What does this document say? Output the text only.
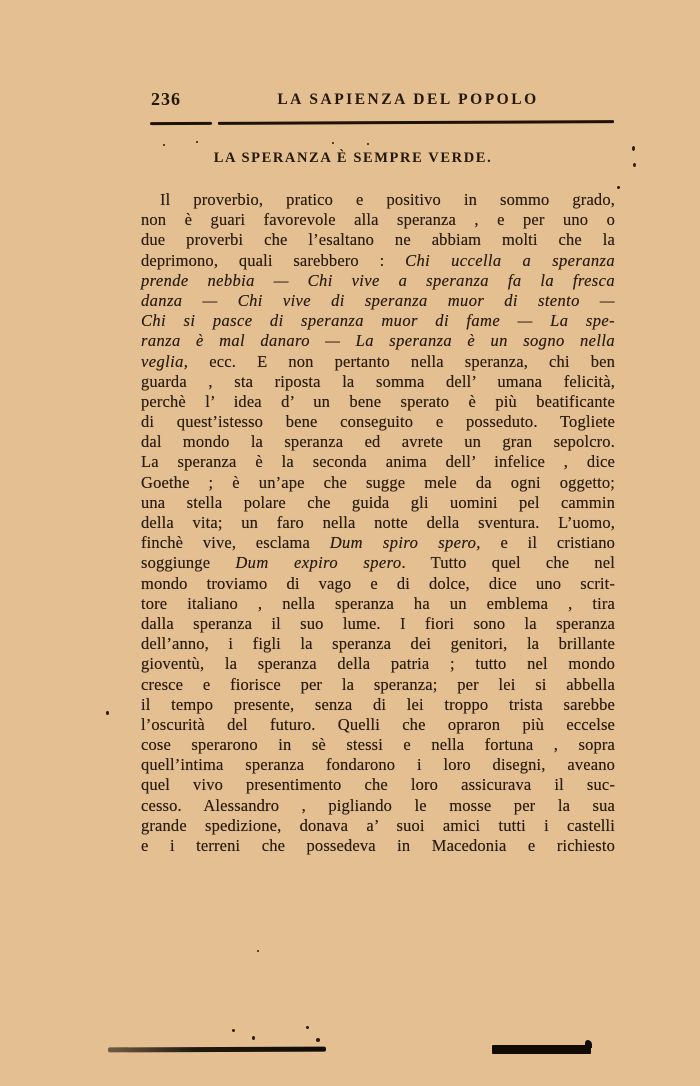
236	LA SAPIENZA DEL POPOLO
LA SPERANZA È SEMPRE VERDE.
Il proverbio, pratico e positivo in sommo grado,
non è guari favorevole alla speranza , e per uno o
due proverbi che l’esaltano ne abbiam molti che la
deprimono, quali sarebbero : Chi uccella a speranza
prende nebbia — Chi vive a speranza fa la fresca
danza — Chi vive di speranza muor di stento —
Chi si pasce di speranza muor di fame — La spe-
ranza è mal danaro — La speranza è un sogno nella
veglia, ecc. E non pertanto nella speranza, chi ben
guarda , sta riposta la somma dell’ umana felicità,
perchè l’ idea d’ un bene sperato è più beatificante
di quest’istesso bene conseguito e posseduto. Togliete
dal mondo la speranza ed avrete un gran sepolcro.
La speranza è la seconda anima dell’ infelice , dice
Goethe ; è un’ape che sugge mele da ogni oggetto;
una stella polare che guida gli uomini pel cammin
della vita; un faro nella notte della sventura. L’uomo,
finchè vive, esclama Dum spiro spero, e il cristiano
soggiunge Dum expiro spero. Tutto quel che nel
mondo troviamo di vago e di dolce, dice uno scrit-
tore italiano , nella speranza ha un emblema , tira
dalla speranza il suo lume. I fiori sono la speranza
dell’anno, i figli la speranza dei genitori, la brillante
gioventù, la speranza della patria ; tutto nel mondo
cresce e fiorisce per la speranza; per lei si abbella
il tempo presente, senza di lei troppo trista sarebbe
l’oscurità del futuro. Quelli che opraron più eccelse
cose sperarono in sè stessi e nella fortuna , sopra
quell’intima speranza fondarono i loro disegni, aveano
quel vivo presentimento che loro assicurava il suc-
cesso. Alessandro , pigliando le mosse per la sua
grande spedizione, donava a’ suoi amici tutti i castelli
e i terreni che possedeva in Macedonia e richiesto
